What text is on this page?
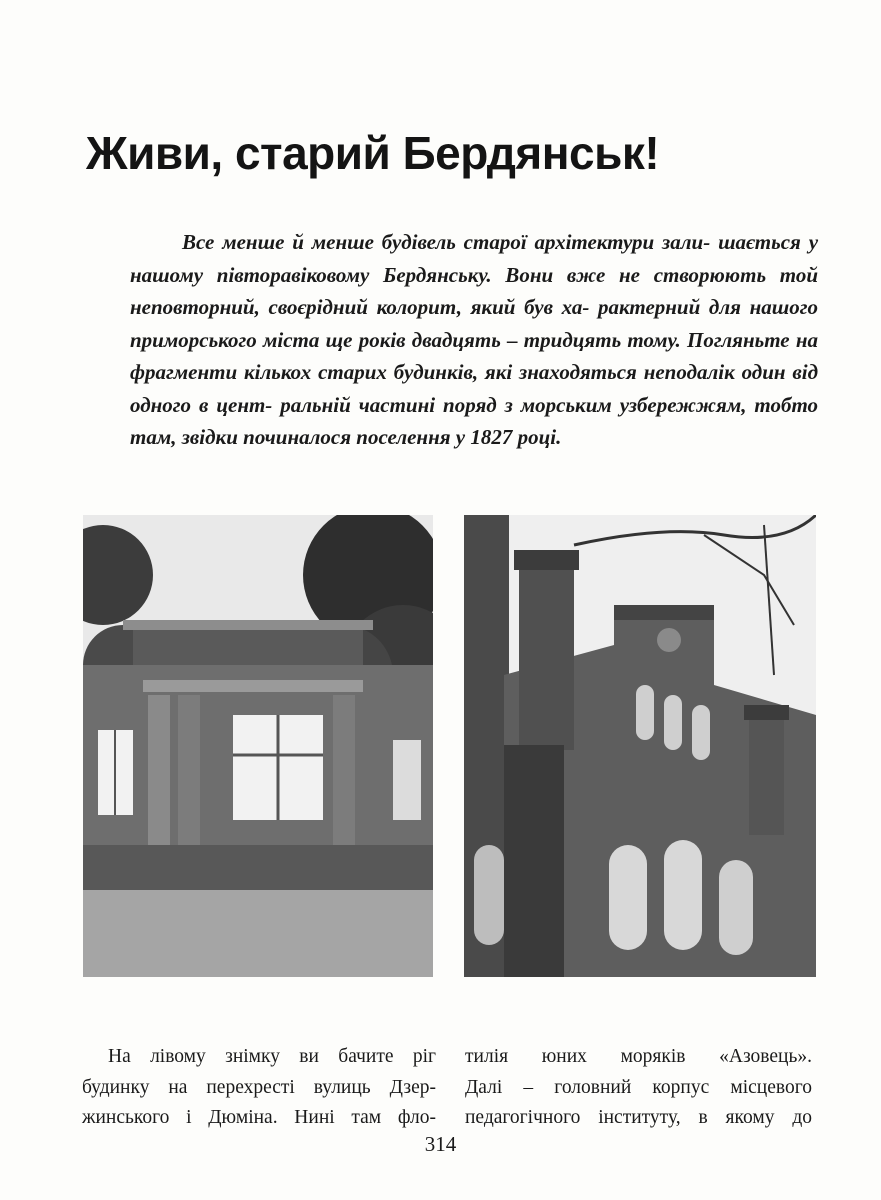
Живи, старий Бердянськ!

Все менше й менше будівель старої архітектури зали- шається у нашому півторавіковому Бердянську. Вони вже не створюють той неповторний, своєрідний колорит, який був ха- рактерний для нашого приморського міста ще років двадцять – тридцять тому. Погляньте на фрагменти кількох старих будинків, які знаходяться неподалік один від одного в цент- ральній частині поряд з морським узбережжям, тобто там, звідки починалося поселення у 1827 році.

На лівому знімку ви бачите ріг
будинку на перехресті вулиць Дзер-
жинського і Дюміна. Нині там фло-
тилія юних моряків «Азовець».
Далі – головний корпус місцевого
педагогічного інституту, в якому до
314
